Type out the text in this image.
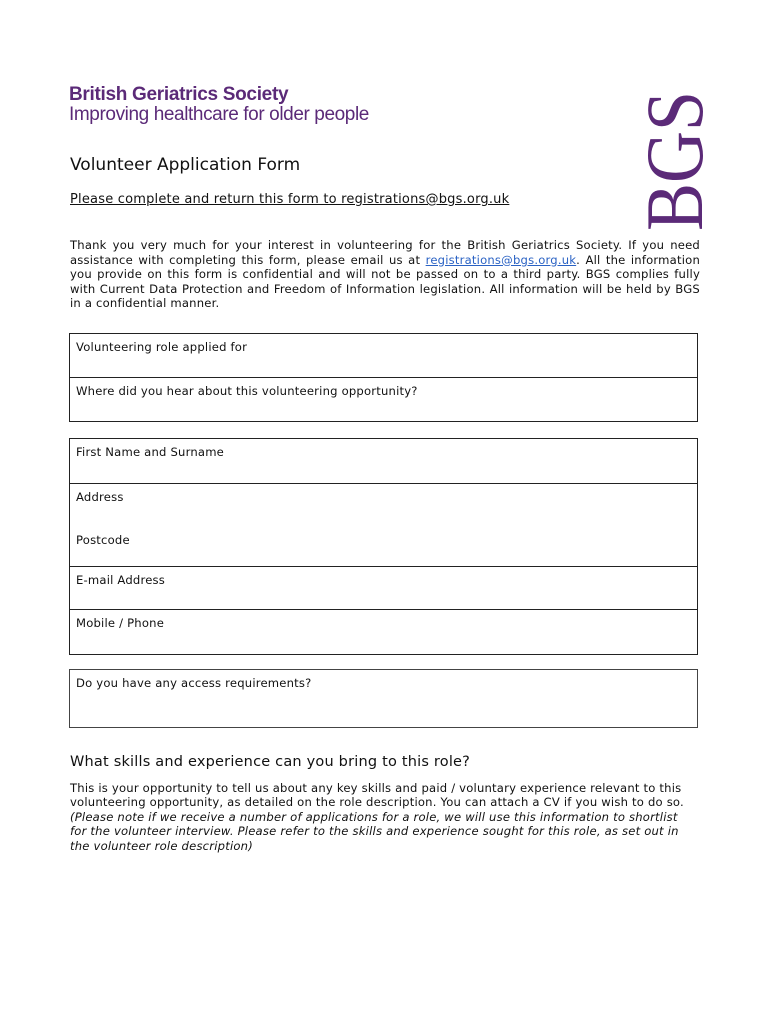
British Geriatrics Society
Improving healthcare for older people	BGS
Volunteer Application Form
Please complete and return this form to registrations@bgs.org.uk
Thank you very much for your interest in volunteering for the British Geriatrics Society. If you need assistance with completing this form, please email us at registrations@bgs.org.uk. All the information you provide on this form is confidential and will not be passed on to a third party. BGS complies fully with Current Data Protection and Freedom of Information legislation. All information will be held by BGS in a confidential manner.
Volunteering role applied for
Where did you hear about this volunteering opportunity?
First Name and Surname
Address
Postcode
E-mail Address
Mobile / Phone
Do you have any access requirements?
What skills and experience can you bring to this role?
This is your opportunity to tell us about any key skills and paid / voluntary experience relevant to this volunteering opportunity, as detailed on the role description. You can attach a CV if you wish to do so. (Please note if we receive a number of applications for a role, we will use this information to shortlist for the volunteer interview. Please refer to the skills and experience sought for this role, as set out in the volunteer role description)
